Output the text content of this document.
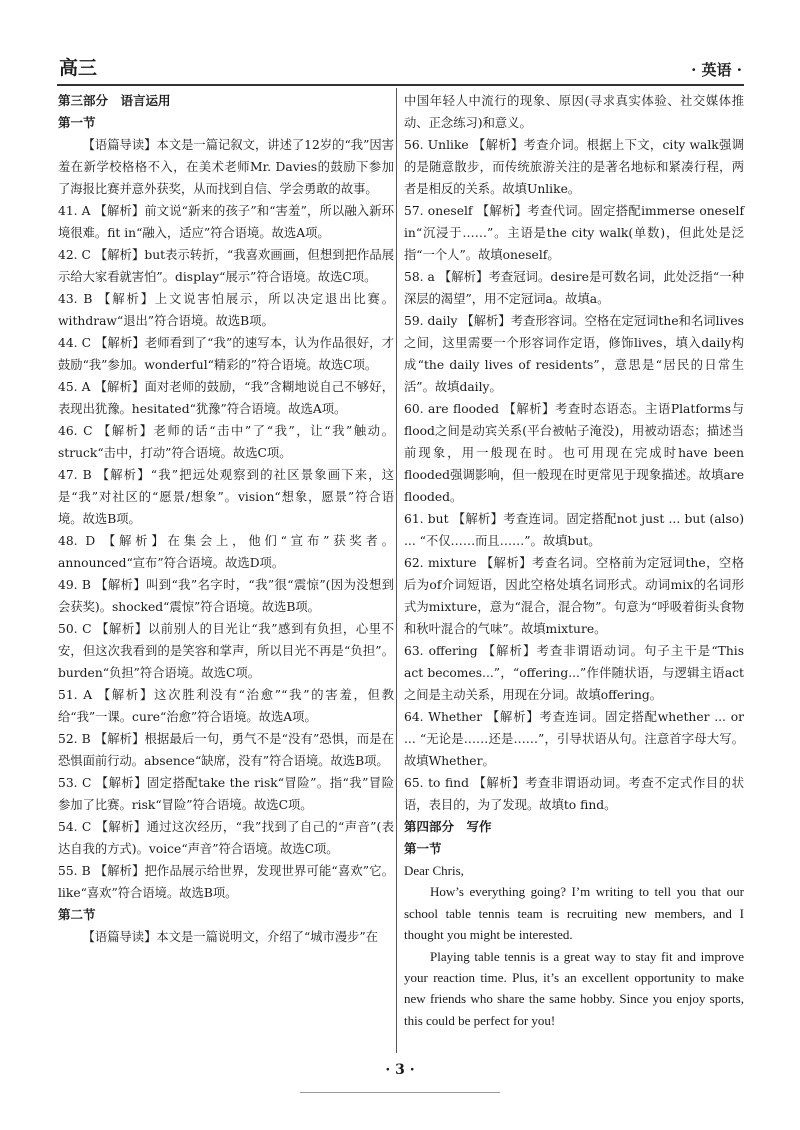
高三	· 英语 ·

第三部分　语言运用

第一节

【语篇导读】本文是一篇记叙文，讲述了12岁的“我”因害羞在新学校格格不入，在美术老师Mr. Davies的鼓励下参加了海报比赛并意外获奖，从而找到自信、学会勇敢的故事。

41. A 【解析】前文说“新来的孩子”和“害羞”，所以融入新环境很难。fit in“融入，适应”符合语境。故选A项。

42. C 【解析】but表示转折，“我喜欢画画，但想到把作品展示给大家看就害怕”。display“展示”符合语境。故选C项。

43. B 【解析】上文说害怕展示，所以决定退出比赛。withdraw“退出”符合语境。故选B项。

44. C 【解析】老师看到了“我”的速写本，认为作品很好，才鼓励“我”参加。wonderful“精彩的”符合语境。故选C项。

45. A 【解析】面对老师的鼓励，“我”含糊地说自己不够好，表现出犹豫。hesitated“犹豫”符合语境。故选A项。

46. C 【解析】老师的话“击中”了“我”，让“我”触动。struck“击中，打动”符合语境。故选C项。

47. B 【解析】“我”把远处观察到的社区景象画下来，这是“我”对社区的“愿景/想象”。vision“想象，愿景”符合语境。故选B项。

48. D 【解析】在集会上，他们“宣布”获奖者。announced“宣布”符合语境。故选D项。

49. B 【解析】叫到“我”名字时，“我”很“震惊”(因为没想到会获奖)。shocked“震惊”符合语境。故选B项。

50. C 【解析】以前别人的目光让“我”感到有负担，心里不安，但这次我看到的是笑容和掌声，所以目光不再是“负担”。burden“负担”符合语境。故选C项。

51. A 【解析】这次胜利没有“治愈”“我”的害羞，但教给“我”一课。cure“治愈”符合语境。故选A项。

52. B 【解析】根据最后一句，勇气不是“没有”恐惧，而是在恐惧面前行动。absence“缺席，没有”符合语境。故选B项。

53. C 【解析】固定搭配take the risk“冒险”。指“我”冒险参加了比赛。risk“冒险”符合语境。故选C项。

54. C 【解析】通过这次经历，“我”找到了自己的“声音”(表达自我的方式)。voice“声音”符合语境。故选C项。

55. B 【解析】把作品展示给世界，发现世界可能“喜欢”它。like“喜欢”符合语境。故选B项。

第二节

【语篇导读】本文是一篇说明文，介绍了“城市漫步”在

中国年轻人中流行的现象、原因(寻求真实体验、社交媒体推动、正念练习)和意义。

56. Unlike 【解析】考查介词。根据上下文，city walk强调的是随意散步，而传统旅游关注的是著名地标和紧凑行程，两者是相反的关系。故填Unlike。

57. oneself 【解析】考查代词。固定搭配immerse oneself in“沉浸于……”。主语是the city walk(单数)，但此处是泛指“一个人”。故填oneself。

58. a 【解析】考查冠词。desire是可数名词，此处泛指“一种深层的渴望”，用不定冠词a。故填a。

59. daily 【解析】考查形容词。空格在定冠词the和名词lives之间，这里需要一个形容词作定语，修饰lives，填入daily构成“the daily lives of residents”，意思是“居民的日常生活”。故填daily。

60. are flooded 【解析】考查时态语态。主语Platforms与flood之间是动宾关系(平台被帖子淹没)，用被动语态；描述当前现象，用一般现在时。也可用现在完成时have been flooded强调影响，但一般现在时更常见于现象描述。故填are flooded。

61. but 【解析】考查连词。固定搭配not just ... but (also) ... “不仅……而且……”。故填but。

62. mixture 【解析】考查名词。空格前为定冠词the，空格后为of介词短语，因此空格处填名词形式。动词mix的名词形式为mixture，意为“混合，混合物”。句意为“呼吸着街头食物和秋叶混合的气味”。故填mixture。

63. offering 【解析】考查非谓语动词。句子主干是“This act becomes...”，“offering...”作伴随状语，与逻辑主语act之间是主动关系，用现在分词。故填offering。

64. Whether 【解析】考查连词。固定搭配whether ... or ... “无论是……还是……”，引导状语从句。注意首字母大写。故填Whether。

65. to find 【解析】考查非谓语动词。考查不定式作目的状语，表目的，为了发现。故填to find。

第四部分　写作

第一节

Dear Chris,

How’s everything going? I’m writing to tell you that our school table tennis team is recruiting new members, and I thought you might be interested.

Playing table tennis is a great way to stay fit and improve your reaction time. Plus, it’s an excellent opportunity to make new friends who share the same hobby. Since you enjoy sports, this could be perfect for you!

· 3 ·
